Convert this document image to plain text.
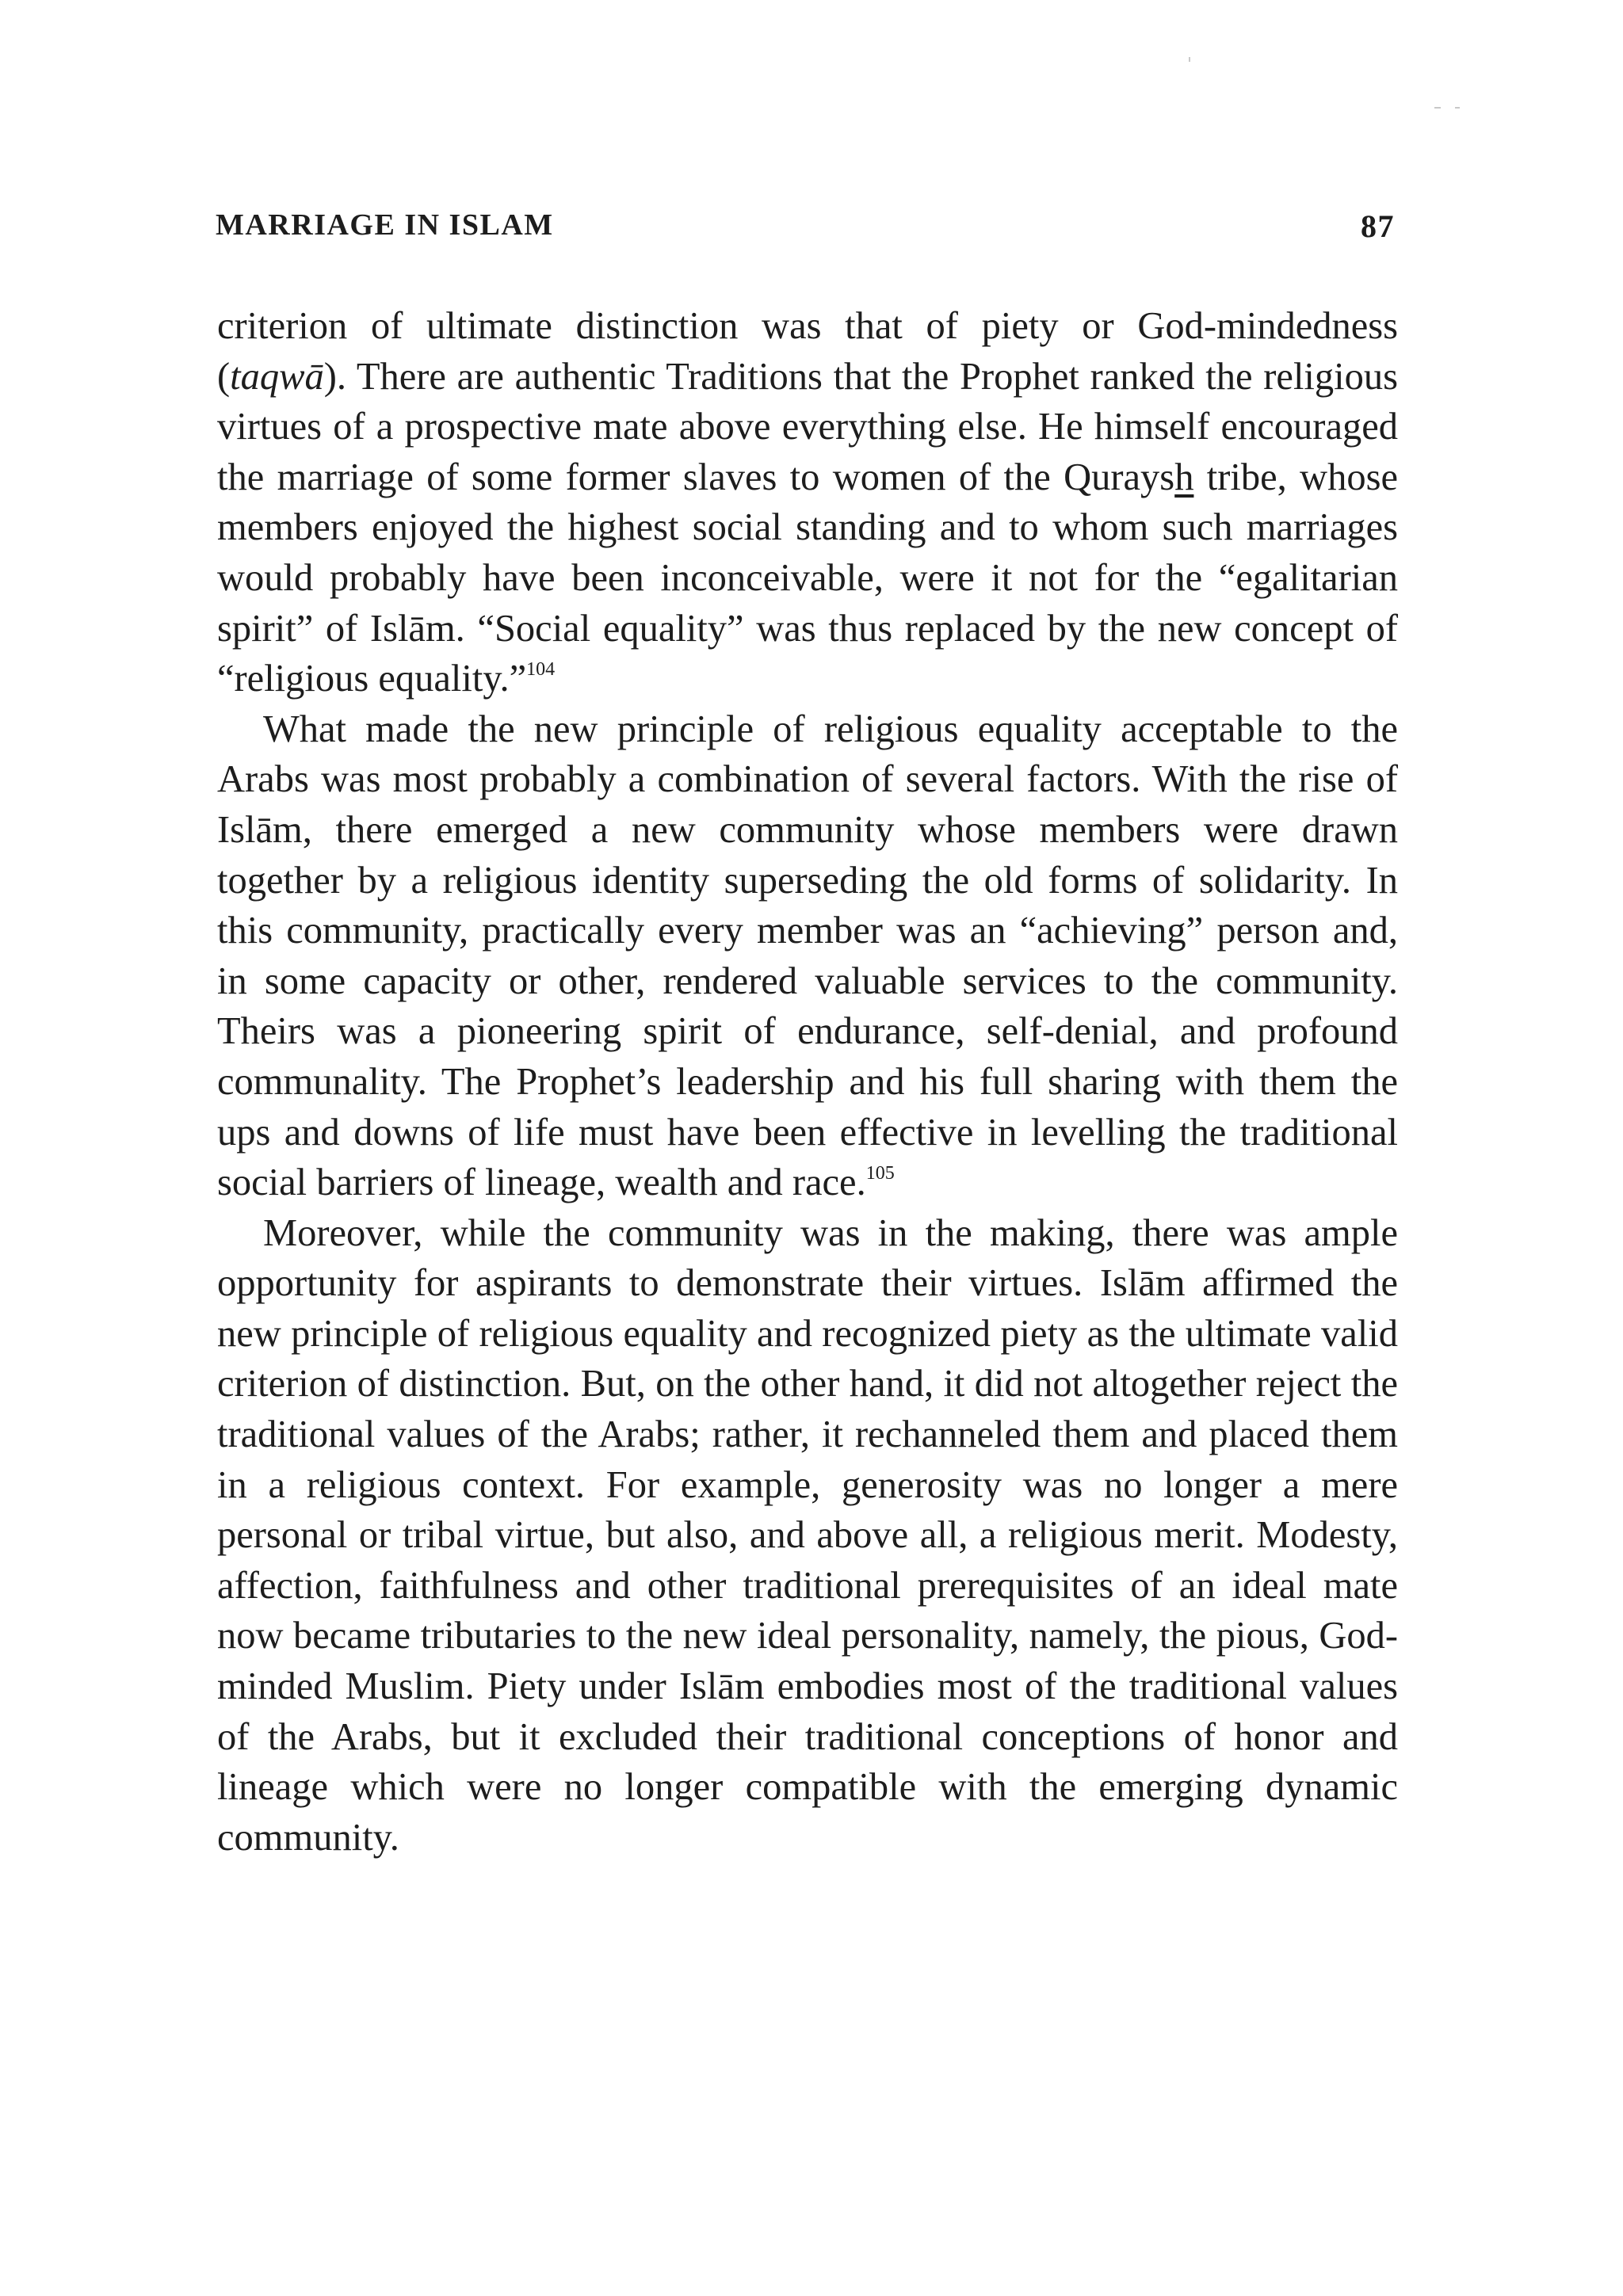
MARRIAGE IN ISLAM	87

criterion of ultimate distinction was that of piety or God-mindedness (taqwā). There are authentic Traditions that the Prophet ranked the religious virtues of a prospective mate above everything else. He himself encouraged the marriage of some former slaves to women of the Quraysh tribe, whose members enjoyed the highest social standing and to whom such marriages would probably have been inconceivable, were it not for the “egalitarian spirit” of Islām. “Social equality” was thus replaced by the new concept of “religious equality.”$^{104}$

What made the new principle of religious equality acceptable to the Arabs was most probably a combination of several factors. With the rise of Islām, there emerged a new community whose members were drawn together by a religious identity superseding the old forms of solidarity. In this community, practically every member was an “achieving” person and, in some capacity or other, rendered valuable services to the community. Theirs was a pioneering spirit of endurance, self-denial, and profound communality. The Prophet’s leadership and his full sharing with them the ups and downs of life must have been effective in levelling the traditional social barriers of lineage, wealth and race.$^{105}$

Moreover, while the community was in the making, there was ample opportunity for aspirants to demonstrate their virtues. Islām affirmed the new principle of religious equality and recognized piety as the ultimate valid criterion of distinction. But, on the other hand, it did not altogether reject the traditional values of the Arabs; rather, it rechanneled them and placed them in a religious context. For example, generosity was no longer a mere personal or tribal virtue, but also, and above all, a religious merit. Modesty, affection, faithfulness and other traditional prerequisites of an ideal mate now became tributaries to the new ideal personality, namely, the pious, God-minded Muslim. Piety under Islām embodies most of the traditional values of the Arabs, but it excluded their traditional conceptions of honor and lineage which were no longer compatible with the emerging dynamic community.
